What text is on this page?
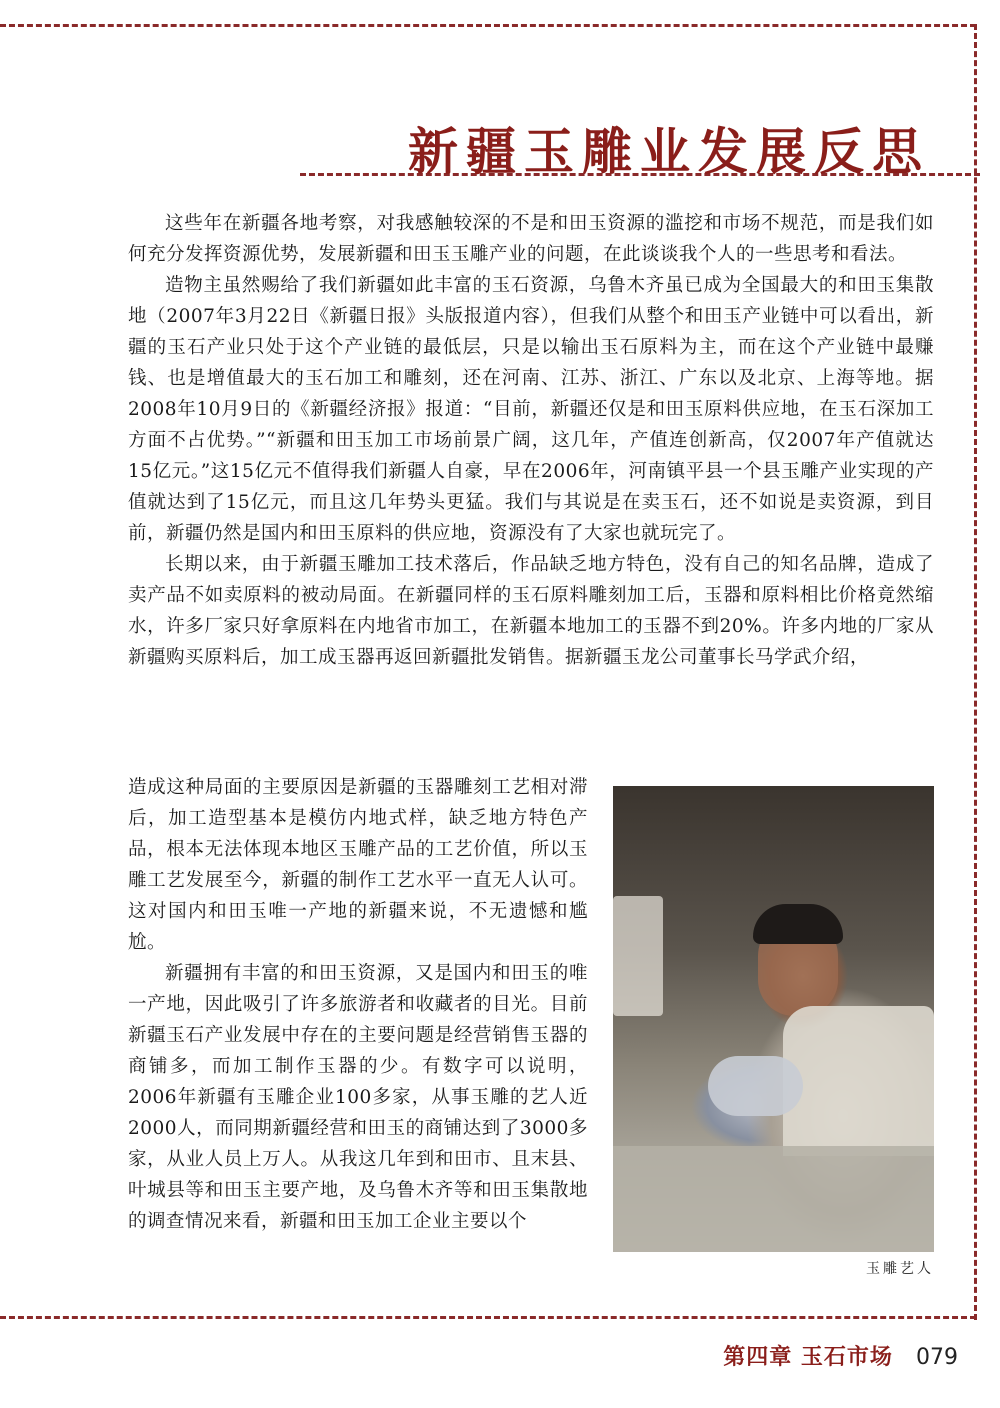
新疆玉雕业发展反思

这些年在新疆各地考察，对我感触较深的不是和田玉资源的滥挖和市场不规范，而是我们如何充分发挥资源优势，发展新疆和田玉玉雕产业的问题，在此谈谈我个人的一些思考和看法。

造物主虽然赐给了我们新疆如此丰富的玉石资源，乌鲁木齐虽已成为全国最大的和田玉集散地（2007年3月22日《新疆日报》头版报道内容），但我们从整个和田玉产业链中可以看出，新疆的玉石产业只处于这个产业链的最低层，只是以输出玉石原料为主，而在这个产业链中最赚钱、也是增值最大的玉石加工和雕刻，还在河南、江苏、浙江、广东以及北京、上海等地。据2008年10月9日的《新疆经济报》报道：“目前，新疆还仅是和田玉原料供应地，在玉石深加工方面不占优势。”“新疆和田玉加工市场前景广阔，这几年，产值连创新高，仅2007年产值就达15亿元。”这15亿元不值得我们新疆人自豪，早在2006年，河南镇平县一个县玉雕产业实现的产值就达到了15亿元，而且这几年势头更猛。我们与其说是在卖玉石，还不如说是卖资源，到目前，新疆仍然是国内和田玉原料的供应地，资源没有了大家也就玩完了。

长期以来，由于新疆玉雕加工技术落后，作品缺乏地方特色，没有自己的知名品牌，造成了卖产品不如卖原料的被动局面。在新疆同样的玉石原料雕刻加工后，玉器和原料相比价格竟然缩水，许多厂家只好拿原料在内地省市加工，在新疆本地加工的玉器不到20%。许多内地的厂家从新疆购买原料后，加工成玉器再返回新疆批发销售。据新疆玉龙公司董事长马学武介绍，

造成这种局面的主要原因是新疆的玉器雕刻工艺相对滞后，加工造型基本是模仿内地式样，缺乏地方特色产品，根本无法体现本地区玉雕产品的工艺价值，所以玉雕工艺发展至今，新疆的制作工艺水平一直无人认可。这对国内和田玉唯一产地的新疆来说，不无遗憾和尴尬。

新疆拥有丰富的和田玉资源，又是国内和田玉的唯一产地，因此吸引了许多旅游者和收藏者的目光。目前新疆玉石产业发展中存在的主要问题是经营销售玉器的商铺多，而加工制作玉器的少。有数字可以说明，2006年新疆有玉雕企业100多家，从事玉雕的艺人近2000人，而同期新疆经营和田玉的商铺达到了3000多家，从业人员上万人。从我这几年到和田市、且末县、叶城县等和田玉主要产地，及乌鲁木齐等和田玉集散地的调查情况来看，新疆和田玉加工企业主要以个

玉雕艺人
第四章 玉石市场 079
